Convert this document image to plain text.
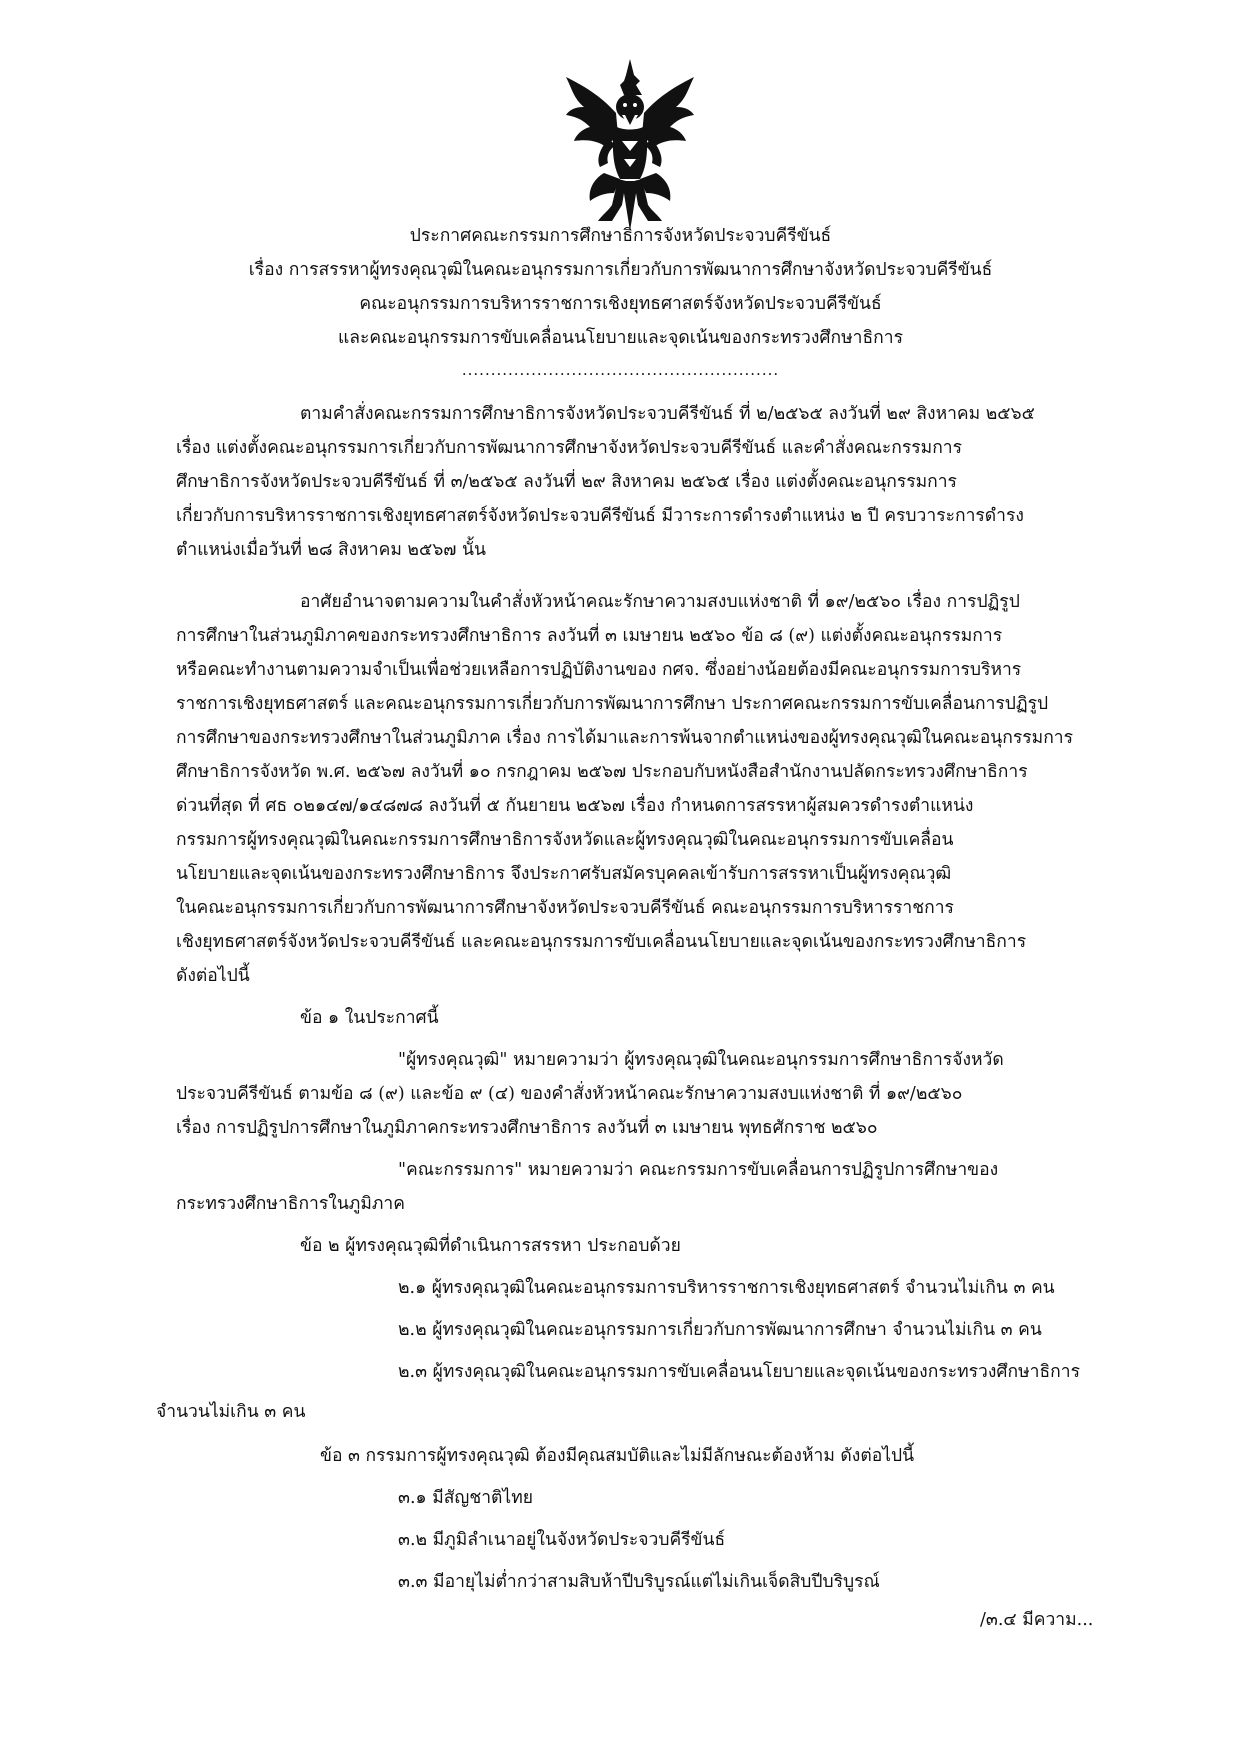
ประกาศคณะกรรมการศึกษาธิการจังหวัดประจวบคีรีขันธ์
เรื่อง การสรรหาผู้ทรงคุณวุฒิในคณะอนุกรรมการเกี่ยวกับการพัฒนาการศึกษาจังหวัดประจวบคีรีขันธ์
คณะอนุกรรมการบริหารราชการเชิงยุทธศาสตร์จังหวัดประจวบคีรีขันธ์
และคณะอนุกรรมการขับเคลื่อนนโยบายและจุดเน้นของกระทรวงศึกษาธิการ
.......................................................
ตามคำสั่งคณะกรรมการศึกษาธิการจังหวัดประจวบคีรีขันธ์ ที่ ๒/๒๕๖๕ ลงวันที่ ๒๙ สิงหาคม ๒๕๖๕
เรื่อง แต่งตั้งคณะอนุกรรมการเกี่ยวกับการพัฒนาการศึกษาจังหวัดประจวบคีรีขันธ์ และคำสั่งคณะกรรมการ
ศึกษาธิการจังหวัดประจวบคีรีขันธ์ ที่ ๓/๒๕๖๕ ลงวันที่ ๒๙ สิงหาคม ๒๕๖๕ เรื่อง แต่งตั้งคณะอนุกรรมการ
เกี่ยวกับการบริหารราชการเชิงยุทธศาสตร์จังหวัดประจวบคีรีขันธ์ มีวาระการดำรงตำแหน่ง ๒ ปี ครบวาระการดำรง
ตำแหน่งเมื่อวันที่ ๒๘ สิงหาคม ๒๕๖๗ นั้น
อาศัยอำนาจตามความในคำสั่งหัวหน้าคณะรักษาความสงบแห่งชาติ ที่ ๑๙/๒๕๖๐ เรื่อง การปฏิรูป
การศึกษาในส่วนภูมิภาคของกระทรวงศึกษาธิการ ลงวันที่ ๓ เมษายน ๒๕๖๐ ข้อ ๘ (๙) แต่งตั้งคณะอนุกรรมการ
หรือคณะทำงานตามความจำเป็นเพื่อช่วยเหลือการปฏิบัติงานของ กศจ. ซึ่งอย่างน้อยต้องมีคณะอนุกรรมการบริหาร
ราชการเชิงยุทธศาสตร์ และคณะอนุกรรมการเกี่ยวกับการพัฒนาการศึกษา ประกาศคณะกรรมการขับเคลื่อนการปฏิรูป
การศึกษาของกระทรวงศึกษาในส่วนภูมิภาค เรื่อง การได้มาและการพ้นจากตำแหน่งของผู้ทรงคุณวุฒิในคณะอนุกรรมการ
ศึกษาธิการจังหวัด พ.ศ. ๒๕๖๗ ลงวันที่ ๑๐ กรกฎาคม ๒๕๖๗ ประกอบกับหนังสือสำนักงานปลัดกระทรวงศึกษาธิการ
ด่วนที่สุด ที่ ศธ ๐๒๑๔๗/๑๔๘๗๘ ลงวันที่ ๕ กันยายน ๒๕๖๗ เรื่อง กำหนดการสรรหาผู้สมควรดำรงตำแหน่ง
กรรมการผู้ทรงคุณวุฒิในคณะกรรมการศึกษาธิการจังหวัดและผู้ทรงคุณวุฒิในคณะอนุกรรมการขับเคลื่อน
นโยบายและจุดเน้นของกระทรวงศึกษาธิการ จึงประกาศรับสมัครบุคคลเข้ารับการสรรหาเป็นผู้ทรงคุณวุฒิ
ในคณะอนุกรรมการเกี่ยวกับการพัฒนาการศึกษาจังหวัดประจวบคีรีขันธ์ คณะอนุกรรมการบริหารราชการ
เชิงยุทธศาสตร์จังหวัดประจวบคีรีขันธ์ และคณะอนุกรรมการขับเคลื่อนนโยบายและจุดเน้นของกระทรวงศึกษาธิการ
ดังต่อไปนี้
ข้อ ๑ ในประกาศนี้
"ผู้ทรงคุณวุฒิ" หมายความว่า ผู้ทรงคุณวุฒิในคณะอนุกรรมการศึกษาธิการจังหวัด
ประจวบคีรีขันธ์ ตามข้อ ๘ (๙) และข้อ ๙ (๔) ของคำสั่งหัวหน้าคณะรักษาความสงบแห่งชาติ ที่ ๑๙/๒๕๖๐
เรื่อง การปฏิรูปการศึกษาในภูมิภาคกระทรวงศึกษาธิการ ลงวันที่ ๓ เมษายน พุทธศักราช ๒๕๖๐
"คณะกรรมการ" หมายความว่า คณะกรรมการขับเคลื่อนการปฏิรูปการศึกษาของ
กระทรวงศึกษาธิการในภูมิภาค
ข้อ ๒ ผู้ทรงคุณวุฒิที่ดำเนินการสรรหา ประกอบด้วย
๒.๑ ผู้ทรงคุณวุฒิในคณะอนุกรรมการบริหารราชการเชิงยุทธศาสตร์ จำนวนไม่เกิน ๓ คน
๒.๒ ผู้ทรงคุณวุฒิในคณะอนุกรรมการเกี่ยวกับการพัฒนาการศึกษา จำนวนไม่เกิน ๓ คน
๒.๓ ผู้ทรงคุณวุฒิในคณะอนุกรรมการขับเคลื่อนนโยบายและจุดเน้นของกระทรวงศึกษาธิการ
จำนวนไม่เกิน ๓ คน
ข้อ ๓ กรรมการผู้ทรงคุณวุฒิ ต้องมีคุณสมบัติและไม่มีลักษณะต้องห้าม ดังต่อไปนี้
๓.๑ มีสัญชาติไทย
๓.๒ มีภูมิลำเนาอยู่ในจังหวัดประจวบคีรีขันธ์
๓.๓ มีอายุไม่ต่ำกว่าสามสิบห้าปีบริบูรณ์แต่ไม่เกินเจ็ดสิบปีบริบูรณ์
/๓.๔ มีความ...
